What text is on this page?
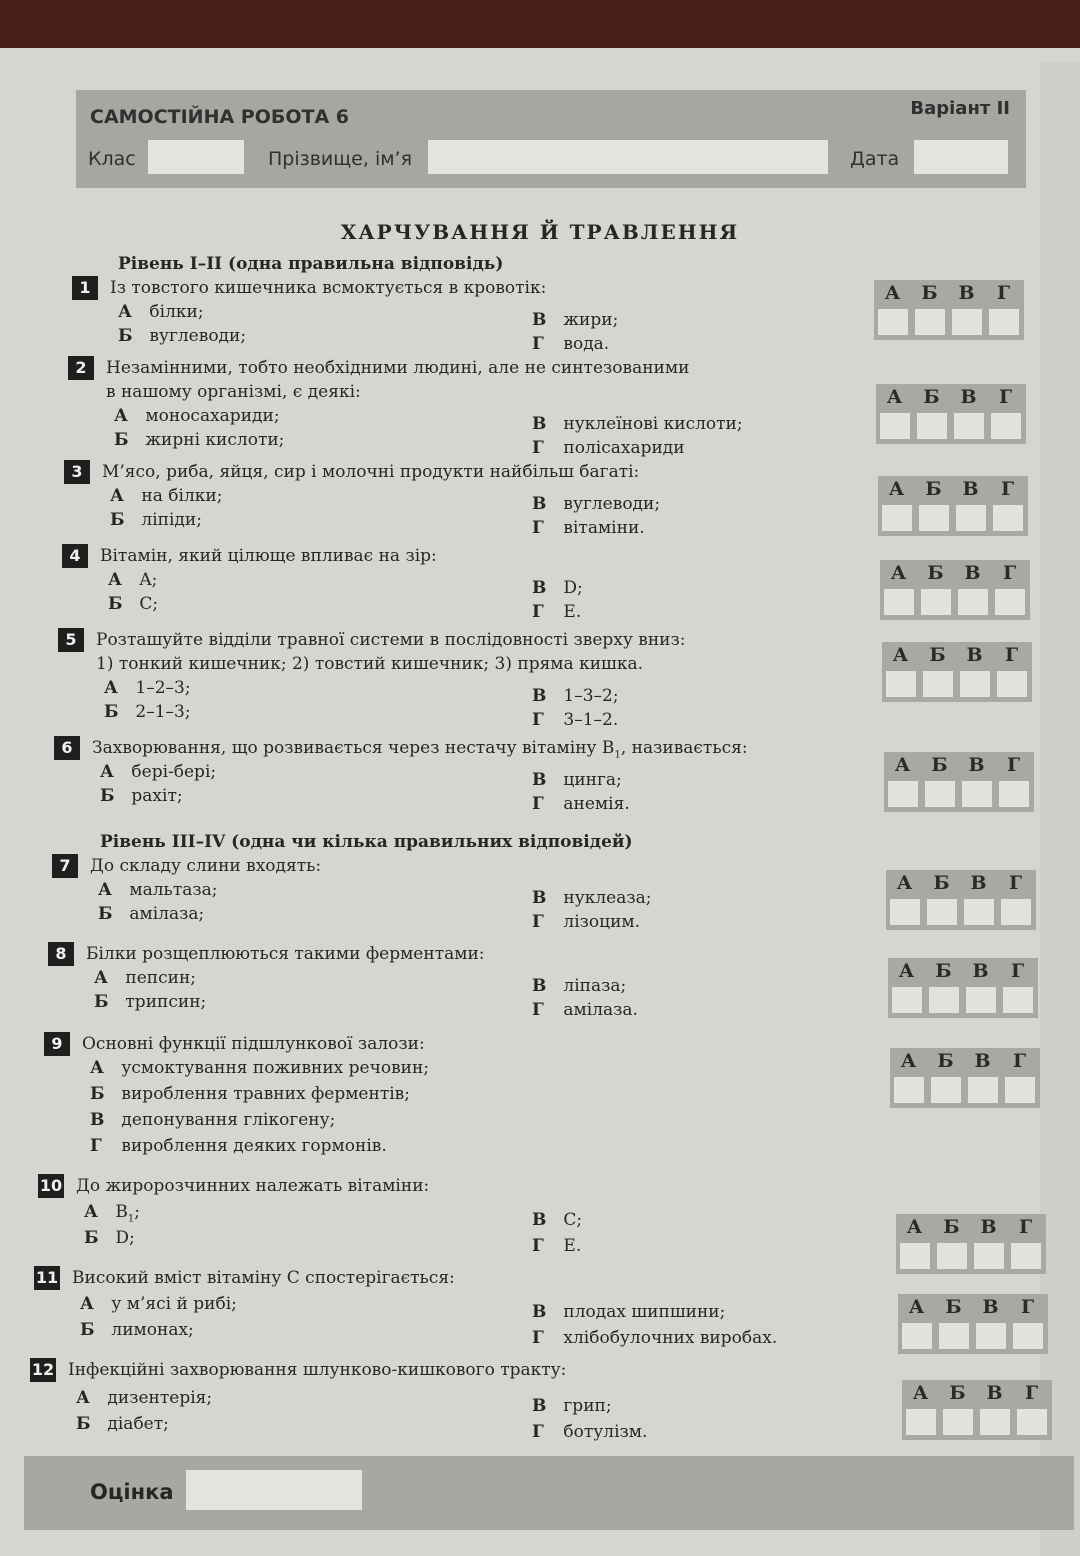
САМОСТІЙНА РОБОТА 6	Варіант II
Клас	Прізвище, ім’я	Дата
ХАРЧУВАННЯ Й ТРАВЛЕННЯ
Рівень I–II (одна правильна відповідь)
Рівень III–IV (одна чи кілька правильних відповідей)
1	Із товстого кишечника всмоктується в кровотік:
А білки;
Б вуглеводи;
В жири;
Г вода.
А	Б	В	Г
2	Незамінними, тобто необхідними людині, але не синтезованими
в нашому організмі, є деякі:
А моносахариди;
Б жирні кислоти;
В нуклеїнові кислоти;
Г полісахариди
А	Б	В	Г
3	М’ясо, риба, яйця, сир і молочні продукти найбільш багаті:
А на білки;
Б ліпіди;
В вуглеводи;
Г вітаміни.
А	Б	В	Г
4	Вітамін, який цілюще впливає на зір:
А A;
Б C;
В D;
Г E.
А	Б	В	Г
5	Розташуйте відділи травної системи в послідовності зверху вниз:
1) тонкий кишечник; 2) товстий кишечник; 3) пряма кишка.
А 1–2–3;
Б 2–1–3;
В 1–3–2;
Г 3–1–2.
А	Б	В	Г
6	Захворювання, що розвивається через нестачу вітаміну $B_1$, називається:
А бері-бері;
Б рахіт;
В цинга;
Г анемія.
А	Б	В	Г
7	До складу слини входять:
А мальтаза;
Б амілаза;
В нуклеаза;
Г лізоцим.
А	Б	В	Г
8	Білки розщеплюються такими ферментами:
А пепсин;
Б трипсин;
В ліпаза;
Г амілаза.
А	Б	В	Г
9	Основні функції підшлункової залози:
А усмоктування поживних речовин;
Б вироблення травних ферментів;
В депонування глікогену;
Г вироблення деяких гормонів.
А	Б	В	Г
10 До жиророзчинних належать вітаміни:
А $B_1$;
Б D;
В C;
Г E.
А	Б	В	Г
11 Високий вміст вітаміну С спостерігається:
А у м’ясі й рибі;
Б лимонах;
В плодах шипшини;
Г хлібобулочних виробах.
А	Б	В	Г
12 Інфекційні захворювання шлунково-кишкового тракту:
А дизентерія;
Б діабет;
В грип;
Г ботулізм.
А	Б	В	Г
Оцінка
